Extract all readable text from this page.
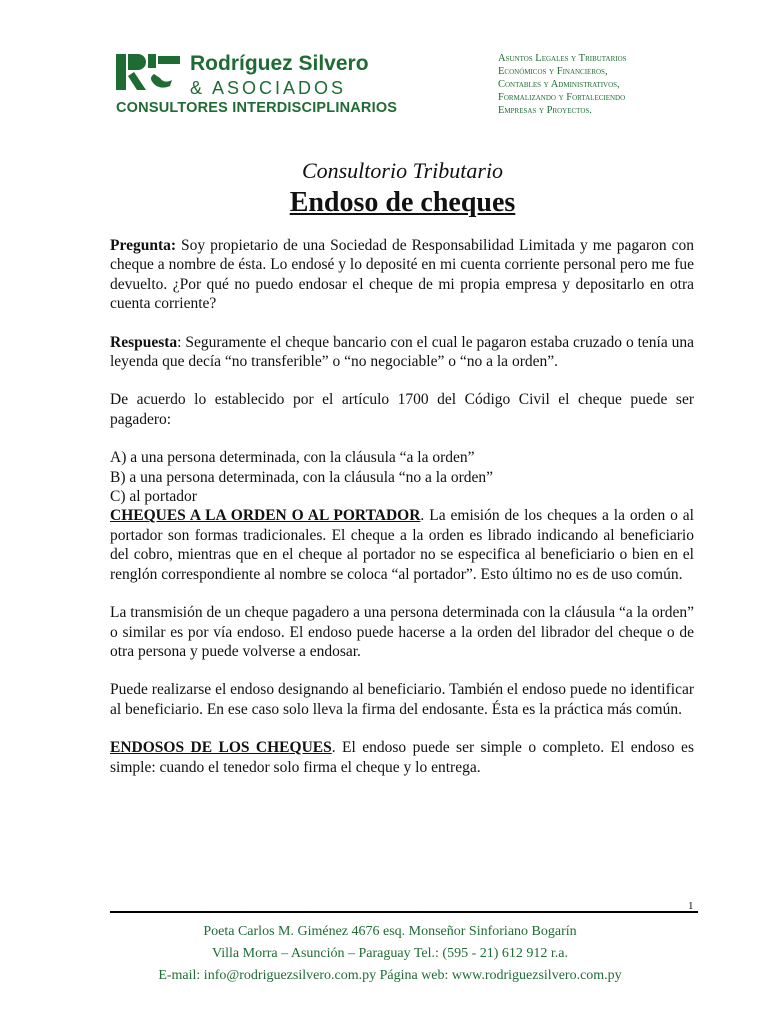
Rodríguez Silvero
& ASOCIADOS
CONSULTORES INTERDISCIPLINARIOS
Asuntos Legales y Tributarios
Económicos y Financieros,
Contables y Administrativos,
Formalizando y Fortaleciendo
Empresas y Proyectos.
Consultorio Tributario
Endoso de cheques

Pregunta: Soy propietario de una Sociedad de Responsabilidad Limitada y me pagaron con cheque a nombre de ésta. Lo endosé y lo deposité en mi cuenta corriente personal pero me fue devuelto. ¿Por qué no puedo endosar el cheque de mi propia empresa y depositarlo en otra cuenta corriente?

Respuesta: Seguramente el cheque bancario con el cual le pagaron estaba cruzado o tenía una leyenda que decía “no transferible” o “no negociable” o “no a la orden”.

De acuerdo lo establecido por el artículo 1700 del Código Civil el cheque puede ser pagadero:

A) a una persona determinada, con la cláusula “a la orden”

B) a una persona determinada, con la cláusula “no a la orden”

C) al portador

CHEQUES A LA ORDEN O AL PORTADOR. La emisión de los cheques a la orden o al portador son formas tradicionales. El cheque a la orden es librado indicando al beneficiario del cobro, mientras que en el cheque al portador no se especifica al beneficiario o bien en el renglón correspondiente al nombre se coloca “al portador”. Esto último no es de uso común.

La transmisión de un cheque pagadero a una persona determinada con la cláusula “a la orden” o similar es por vía endoso. El endoso puede hacerse a la orden del librador del cheque o de otra persona y puede volverse a endosar.

Puede realizarse el endoso designando al beneficiario. También el endoso puede no identificar al beneficiario. En ese caso solo lleva la firma del endosante. Ésta es la práctica más común.

ENDOSOS DE LOS CHEQUES. El endoso puede ser simple o completo. El endoso es simple: cuando el tenedor solo firma el cheque y lo entrega.

1
Poeta Carlos M. Giménez 4676 esq. Monseñor Sinforiano Bogarín
Villa Morra – Asunción – Paraguay Tel.: (595 - 21) 612 912 r.a.
E-mail: info@rodriguezsilvero.com.py Página web: www.rodriguezsilvero.com.py
